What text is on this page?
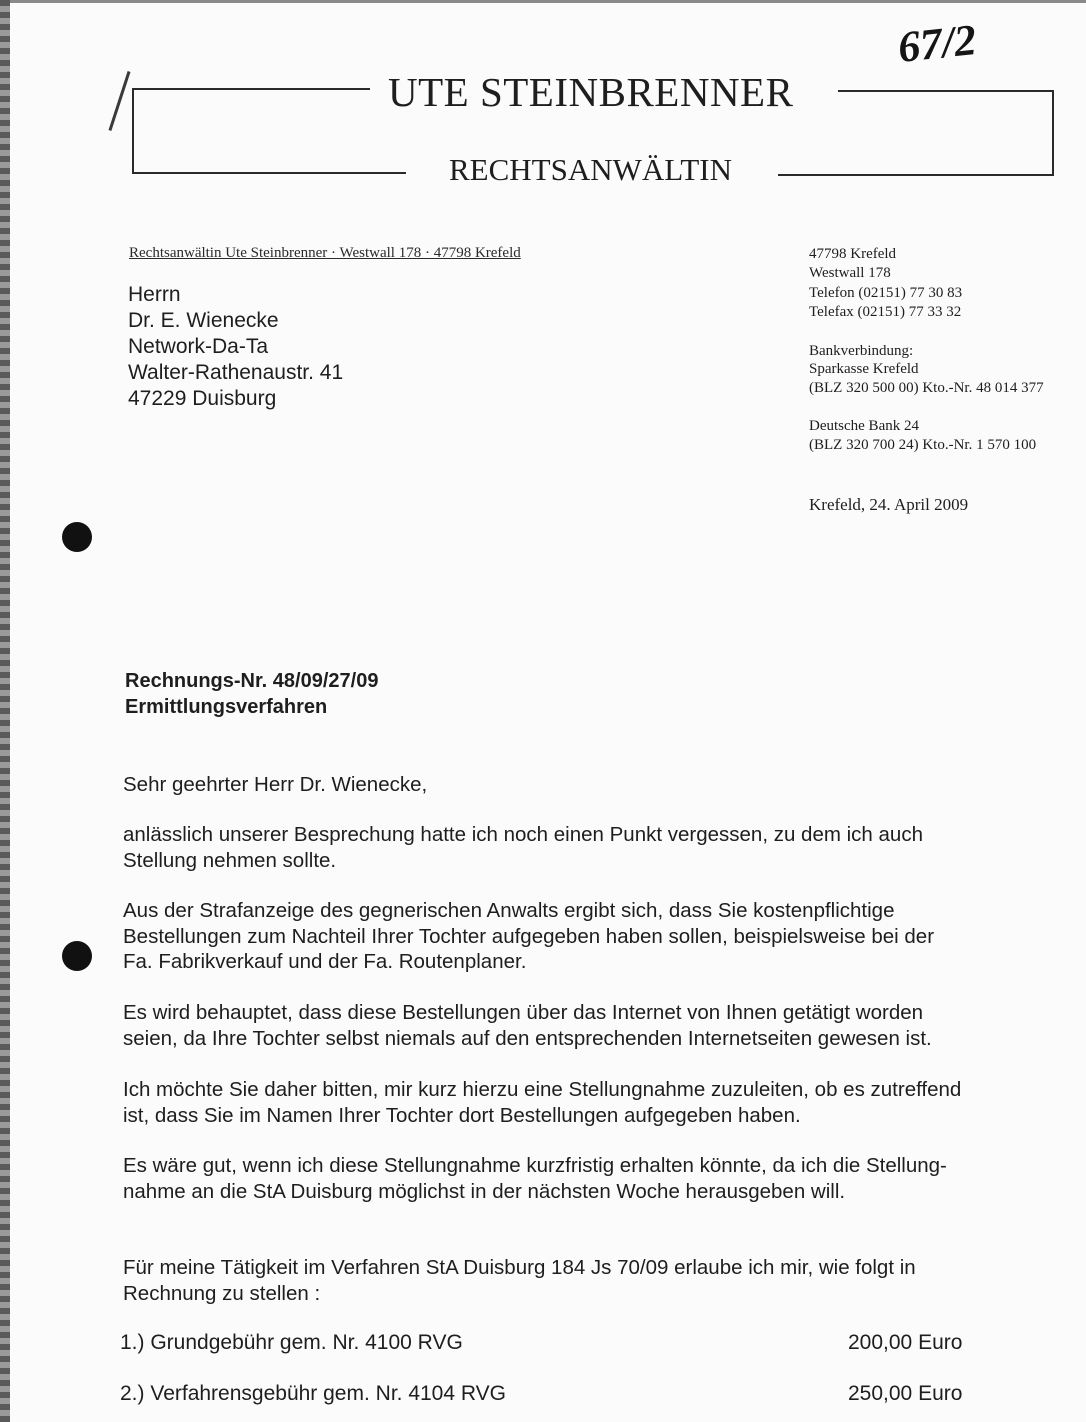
67/2
UTE STEINBRENNER
RECHTSANWÄLTIN
Rechtsanwältin Ute Steinbrenner · Westwall 178 · 47798 Krefeld
Herrn
Dr. E. Wienecke
Network-Da-Ta
Walter-Rathenaustr. 41
47229 Duisburg
47798 Krefeld
Westwall 178
Telefon (02151) 77 30 83
Telefax (02151) 77 33 32
Bankverbindung:
Sparkasse Krefeld
(BLZ 320 500 00) Kto.-Nr. 48 014 377
Deutsche Bank 24
(BLZ 320 700 24) Kto.-Nr. 1 570 100
Krefeld, 24. April 2009
Rechnungs-Nr. 48/09/27/09
Ermittlungsverfahren
Sehr geehrter Herr Dr. Wienecke,
anlässlich unserer Besprechung hatte ich noch einen Punkt vergessen, zu dem ich auch
Stellung nehmen sollte.
Aus der Strafanzeige des gegnerischen Anwalts ergibt sich, dass Sie kostenpflichtige
Bestellungen zum Nachteil Ihrer Tochter aufgegeben haben sollen, beispielsweise bei der
Fa. Fabrikverkauf und der Fa. Routenplaner.
Es wird behauptet, dass diese Bestellungen über das Internet von Ihnen getätigt worden
seien, da Ihre Tochter selbst niemals auf den entsprechenden Internetseiten gewesen ist.
Ich möchte Sie daher bitten, mir kurz hierzu eine Stellungnahme zuzuleiten, ob es zutreffend
ist, dass Sie im Namen Ihrer Tochter dort Bestellungen aufgegeben haben.
Es wäre gut, wenn ich diese Stellungnahme kurzfristig erhalten könnte, da ich die Stellung-
nahme an die StA Duisburg möglichst in der nächsten Woche herausgeben will.
Für meine Tätigkeit im Verfahren StA Duisburg 184 Js 70/09 erlaube ich mir, wie folgt in
Rechnung zu stellen :
1.) Grundgebühr gem. Nr. 4100 RVG	200,00 Euro
2.) Verfahrensgebühr gem. Nr. 4104 RVG	250,00 Euro
